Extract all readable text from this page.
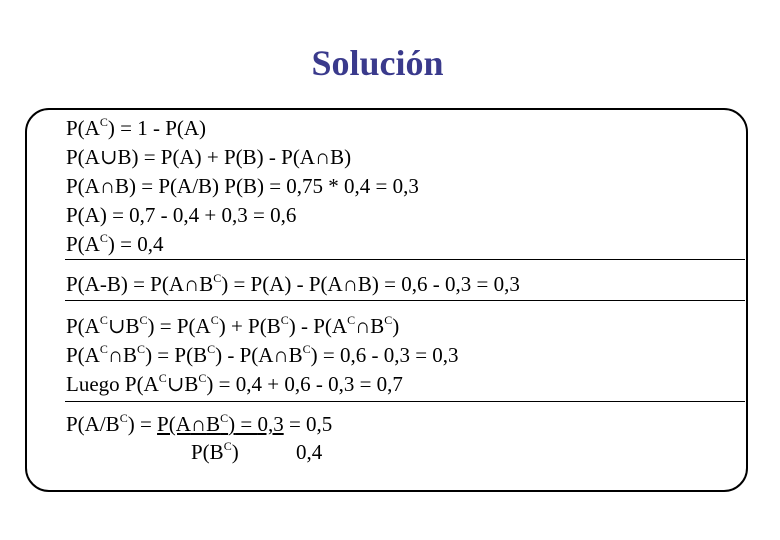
Solución
$P(A^C) = 1 - P(A)$
P(A∪B) = P(A) + P(B) - P(A∩B)
P(A∩B) = P(A/B) P(B) = 0,75 * 0,4 = 0,3
P(A) = 0,7 - 0,4 + 0,3 = 0,6
$P(A^C) = 0,4$
$P(A-B) = P(A\cap B^C) = P(A)$ - P(A∩B) = 0,6 - 0,3 = 0,3
$P(A^C\cup B^C) = P(A^C) + P(B^C)$ - $P(A^C\cap B^C)$
$P(A^C\cap B^C) = P(B^C)$ - $P(A\cap B^C) = 0,6 - 0,3 = 0,3$
Luego $P(A^C\cup B^C) = 0,4 + 0,6 - 0,3 = 0,7$
$P(A/B^C)$ = $P(A\cap B^C) = 0,3 = 0,5$
$P(B^C)$	0,4
